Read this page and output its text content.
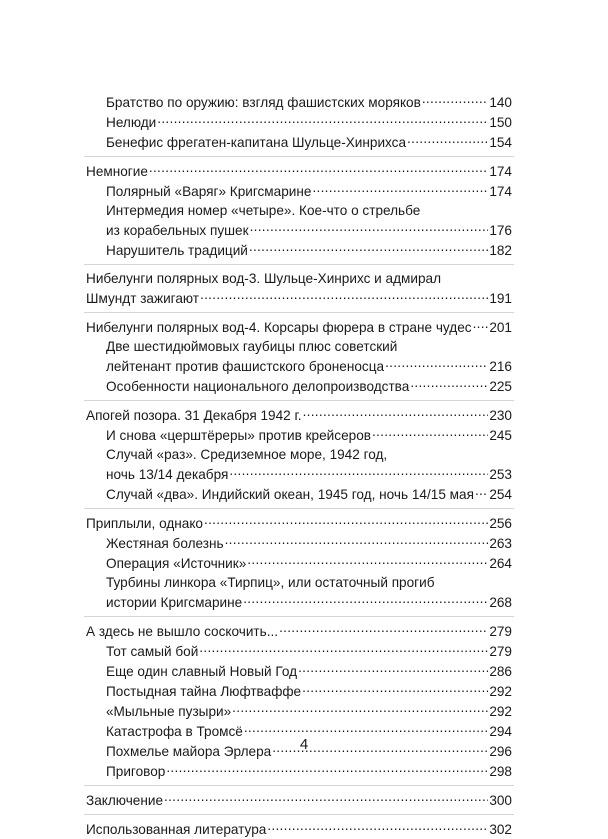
Братство по оружию: взгляд фашистских моряков .....	140
Нелюди .....	150
Бенефис фрегатен-капитана Шульце-Хинрихса .....	154
Немногие .....	174
Полярный «Варяг» Кригсмарине .....	174
Интермедия номер «четыре». Кое-что о стрельбе
из корабельных пушек .....	176
Нарушитель традиций .....	182
Нибелунги полярных вод-3. Шульце-Хинрихс и адмирал
Шмундт зажигают .....	191
Нибелунги полярных вод-4. Корсары фюрера в стране чудес ..... 201
Две шестидюймовых гаубицы плюс советский
лейтенант против фашистского броненосца .....	216
Особенности национального делопроизводства .....	225
Апогей позора. 31 Декабря 1942 г. .....	230
И снова «церштёреры» против крейсеров .....	245
Случай «раз». Средиземное море, 1942 год,
ночь 13/14 декабря .....	253
Случай «два». Индийский океан, 1945 год, ночь 14/15 мая ..... 254
Приплыли, однако .....	256
Жестяная болезнь .....	263
Операция «Источник» .....	264
Турбины линкора «Тирпиц», или остаточный прогиб
истории Кригсмарине .....	268
А здесь не вышло соскочить... .....	279
Тот самый бой .....	279
Еще один славный Новый Год .....	286
Постыдная тайна Люфтваффе .....	292
«Мыльные пузыри» .....	292
Катастрофа в Тромсё .....	294
Похмелье майора Эрлера .....	296
Приговор .....	298
Заключение .....	300
Использованная литература .....	302
4
